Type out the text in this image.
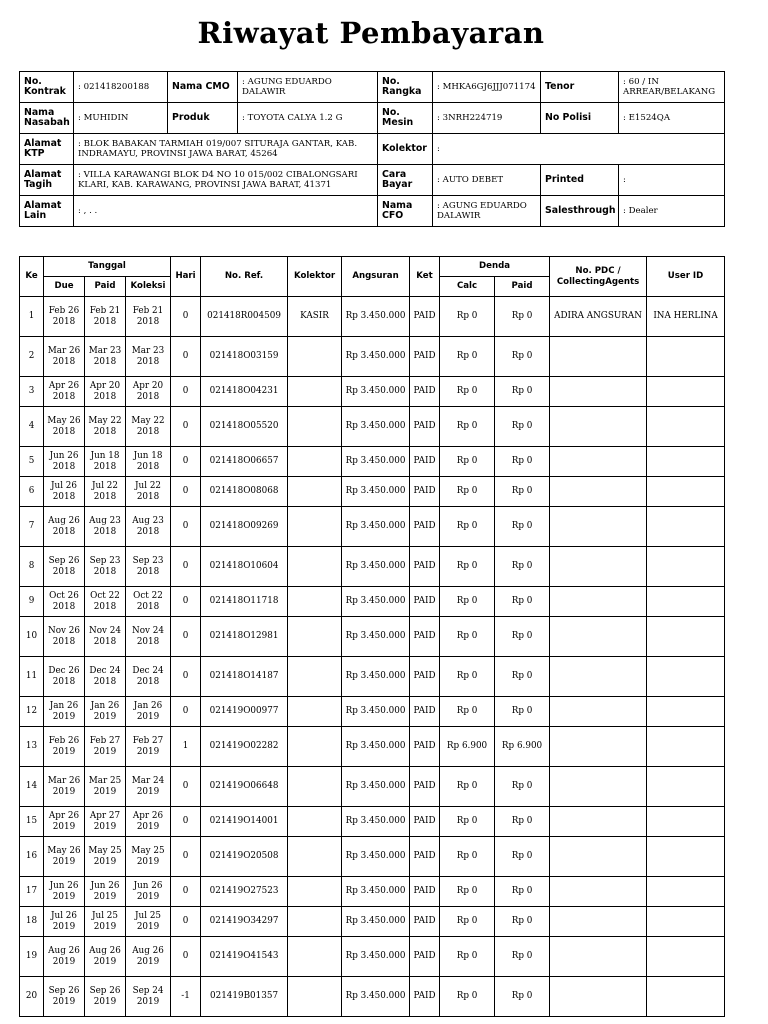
Riwayat Pembayaran
No. Kontrak	: 021418200188	Nama CMO	: AGUNG EDUARDO DALAWIR	No. Rangka	: MHKA6GJ6JJJ071174	Tenor	: 60 / IN ARREAR/BELAKANG
Nama Nasabah	: MUHIDIN	Produk	: TOYOTA CALYA 1.2 G	No. Mesin	: 3NRH224719	No Polisi	: E1524QA
Alamat KTP	: BLOK BABAKAN TARMIAH 019/007 SITURAJA GANTAR, KAB. INDRAMAYU, PROVINSI JAWA BARAT, 45264			Kolektor	:		
Alamat Tagih	: VILLA KARAWANGI BLOK D4 NO 10 015/002 CIBALONGSARI KLARI, KAB. KARAWANG, PROVINSI JAWA BARAT, 41371			Cara Bayar	: AUTO DEBET	Printed	:
Alamat Lain	: , . .			Nama CFO	: AGUNG EDUARDO DALAWIR	Salesthrough	: Dealer
Ke	Tanggal			Hari	No. Ref.	Kolektor	Angsuran	Ket	Denda		No. PDC / CollectingAgents	User ID
	Due	Paid	Koleksi						Calc	Paid		
1	Feb 26 2018	Feb 21 2018	Feb 21 2018	0	021418R004509	KASIR	Rp 3.450.000	PAID	Rp 0	Rp 0	ADIRA ANGSURAN	INA HERLINA
2	Mar 26 2018	Mar 23 2018	Mar 23 2018	0	021418O03159		Rp 3.450.000	PAID	Rp 0	Rp 0		
3	Apr 26 2018	Apr 20 2018	Apr 20 2018	0	021418O04231		Rp 3.450.000	PAID	Rp 0	Rp 0		
4	May 26 2018	May 22 2018	May 22 2018	0	021418O05520		Rp 3.450.000	PAID	Rp 0	Rp 0		
5	Jun 26 2018	Jun 18 2018	Jun 18 2018	0	021418O06657		Rp 3.450.000	PAID	Rp 0	Rp 0		
6	Jul 26 2018	Jul 22 2018	Jul 22 2018	0	021418O08068		Rp 3.450.000	PAID	Rp 0	Rp 0		
7	Aug 26 2018	Aug 23 2018	Aug 23 2018	0	021418O09269		Rp 3.450.000	PAID	Rp 0	Rp 0		
8	Sep 26 2018	Sep 23 2018	Sep 23 2018	0	021418O10604		Rp 3.450.000	PAID	Rp 0	Rp 0		
9	Oct 26 2018	Oct 22 2018	Oct 22 2018	0	021418O11718		Rp 3.450.000	PAID	Rp 0	Rp 0		
10	Nov 26 2018	Nov 24 2018	Nov 24 2018	0	021418O12981		Rp 3.450.000	PAID	Rp 0	Rp 0		
11	Dec 26 2018	Dec 24 2018	Dec 24 2018	0	021418O14187		Rp 3.450.000	PAID	Rp 0	Rp 0		
12	Jan 26 2019	Jan 26 2019	Jan 26 2019	0	021419O00977		Rp 3.450.000	PAID	Rp 0	Rp 0		
13	Feb 26 2019	Feb 27 2019	Feb 27 2019	1	021419O02282		Rp 3.450.000	PAID	Rp 6.900	Rp 6.900		
14	Mar 26 2019	Mar 25 2019	Mar 24 2019	0	021419O06648		Rp 3.450.000	PAID	Rp 0	Rp 0		
15	Apr 26 2019	Apr 27 2019	Apr 26 2019	0	021419O14001		Rp 3.450.000	PAID	Rp 0	Rp 0		
16	May 26 2019	May 25 2019	May 25 2019	0	021419O20508		Rp 3.450.000	PAID	Rp 0	Rp 0		
17	Jun 26 2019	Jun 26 2019	Jun 26 2019	0	021419O27523		Rp 3.450.000	PAID	Rp 0	Rp 0		
18	Jul 26 2019	Jul 25 2019	Jul 25 2019	0	021419O34297		Rp 3.450.000	PAID	Rp 0	Rp 0		
19	Aug 26 2019	Aug 26 2019	Aug 26 2019	0	021419O41543		Rp 3.450.000	PAID	Rp 0	Rp 0		
20	Sep 26 2019	Sep 26 2019	Sep 24 2019	-1	021419B01357		Rp 3.450.000	PAID	Rp 0	Rp 0		
